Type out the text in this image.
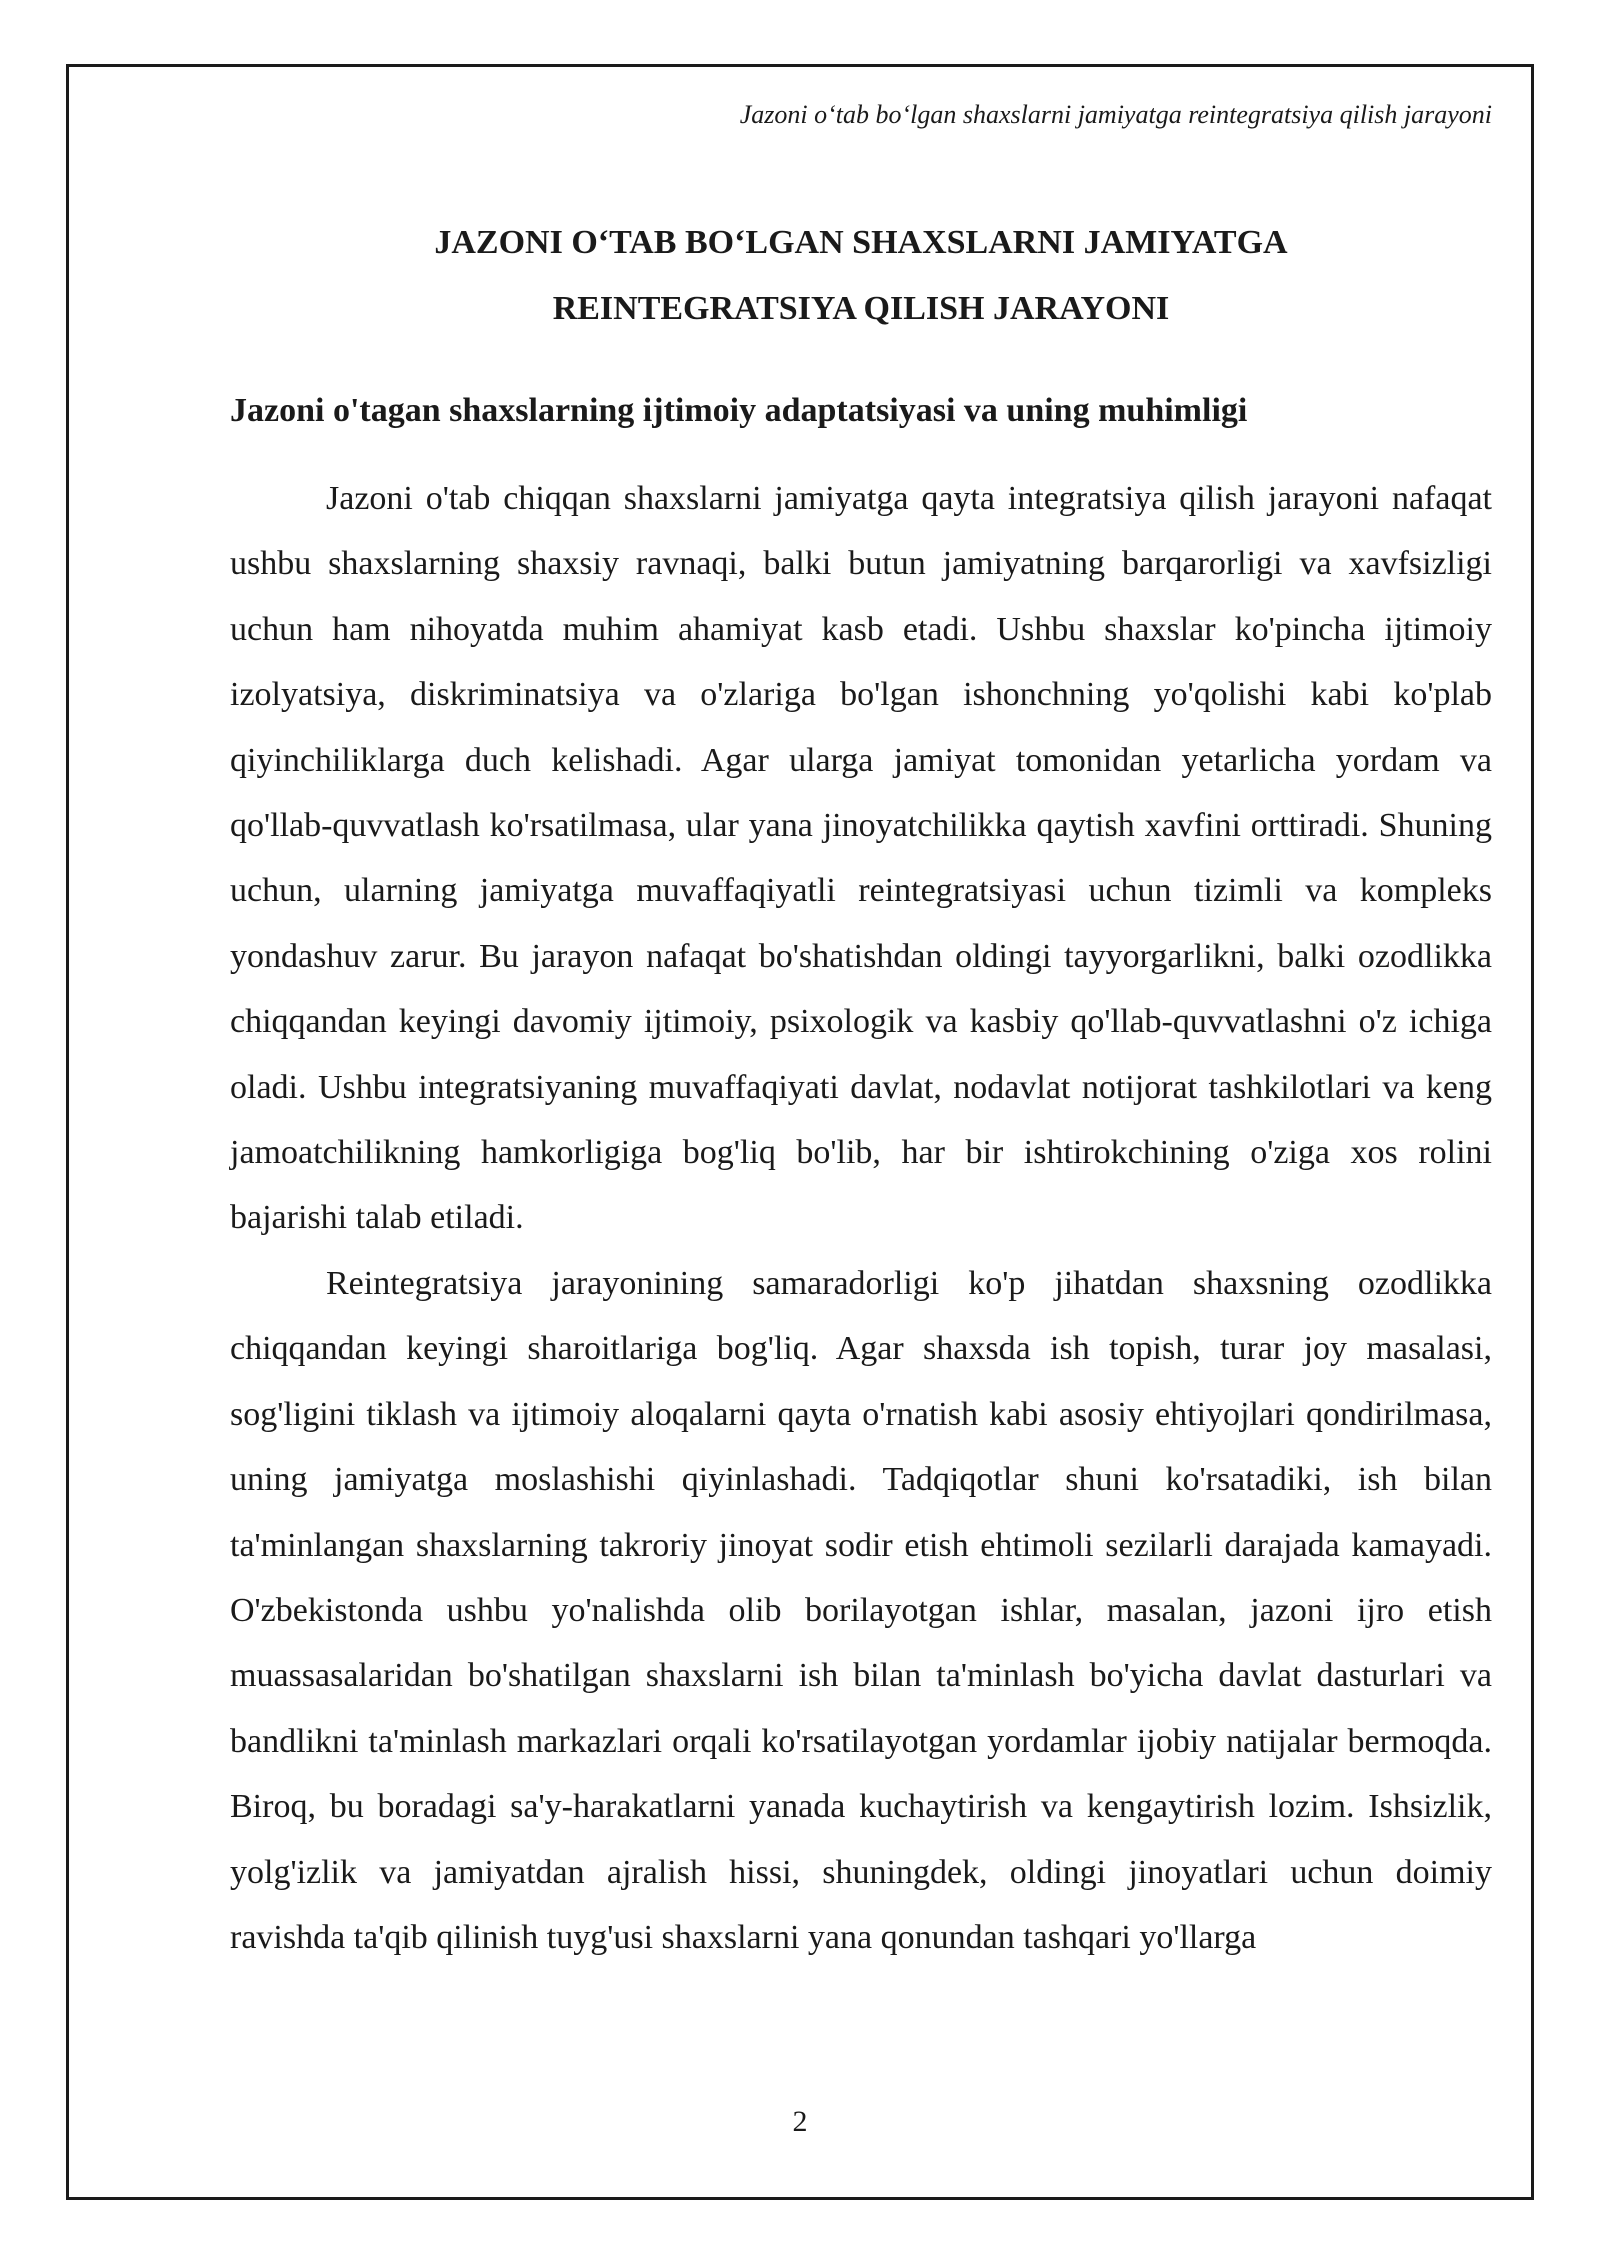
Jazoni o‘tab bo‘lgan shaxslarni jamiyatga reintegratsiya qilish jarayoni
JAZONI O‘TAB BO‘LGAN SHAXSLARNI JAMIYATGA
REINTEGRATSIYA QILISH JARAYONI
Jazoni o'tagan shaxslarning ijtimoiy adaptatsiyasi va uning muhimligi

Jazoni o'tab chiqqan shaxslarni jamiyatga qayta integratsiya qilish jarayoni nafaqat ushbu shaxslarning shaxsiy ravnaqi, balki butun jamiyatning barqarorligi va xavfsizligi uchun ham nihoyatda muhim ahamiyat kasb etadi. Ushbu shaxslar ko'pincha ijtimoiy izolyatsiya, diskriminatsiya va o'zlariga bo'lgan ishonchning yo'qolishi kabi ko'plab qiyinchiliklarga duch kelishadi. Agar ularga jamiyat tomonidan yetarlicha yordam va qo'llab-quvvatlash ko'rsatilmasa, ular yana jinoyatchilikka qaytish xavfini orttiradi. Shuning uchun, ularning jamiyatga muvaffaqiyatli reintegratsiyasi uchun tizimli va kompleks yondashuv zarur. Bu jarayon nafaqat bo'shatishdan oldingi tayyorgarlikni, balki ozodlikka chiqqandan keyingi davomiy ijtimoiy, psixologik va kasbiy qo'llab-quvvatlashni o'z ichiga oladi. Ushbu integratsiyaning muvaffaqiyati davlat, nodavlat notijorat tashkilotlari va keng jamoatchilikning hamkorligiga bog'liq bo'lib, har bir ishtirokchining o'ziga xos rolini bajarishi talab etiladi.

Reintegratsiya jarayonining samaradorligi ko'p jihatdan shaxsning ozodlikka chiqqandan keyingi sharoitlariga bog'liq. Agar shaxsda ish topish, turar joy masalasi, sog'ligini tiklash va ijtimoiy aloqalarni qayta o'rnatish kabi asosiy ehtiyojlari qondirilmasa, uning jamiyatga moslashishi qiyinlashadi. Tadqiqotlar shuni ko'rsatadiki, ish bilan ta'minlangan shaxslarning takroriy jinoyat sodir etish ehtimoli sezilarli darajada kamayadi. O'zbekistonda ushbu yo'nalishda olib borilayotgan ishlar, masalan, jazoni ijro etish muassasalaridan bo'shatilgan shaxslarni ish bilan ta'minlash bo'yicha davlat dasturlari va bandlikni ta'minlash markazlari orqali ko'rsatilayotgan yordamlar ijobiy natijalar bermoqda. Biroq, bu boradagi sa'y-harakatlarni yanada kuchaytirish va kengaytirish lozim. Ishsizlik, yolg'izlik va jamiyatdan ajralish hissi, shuningdek, oldingi jinoyatlari uchun doimiy ravishda ta'qib qilinish tuyg'usi shaxslarni yana qonundan tashqari yo'llarga

2
